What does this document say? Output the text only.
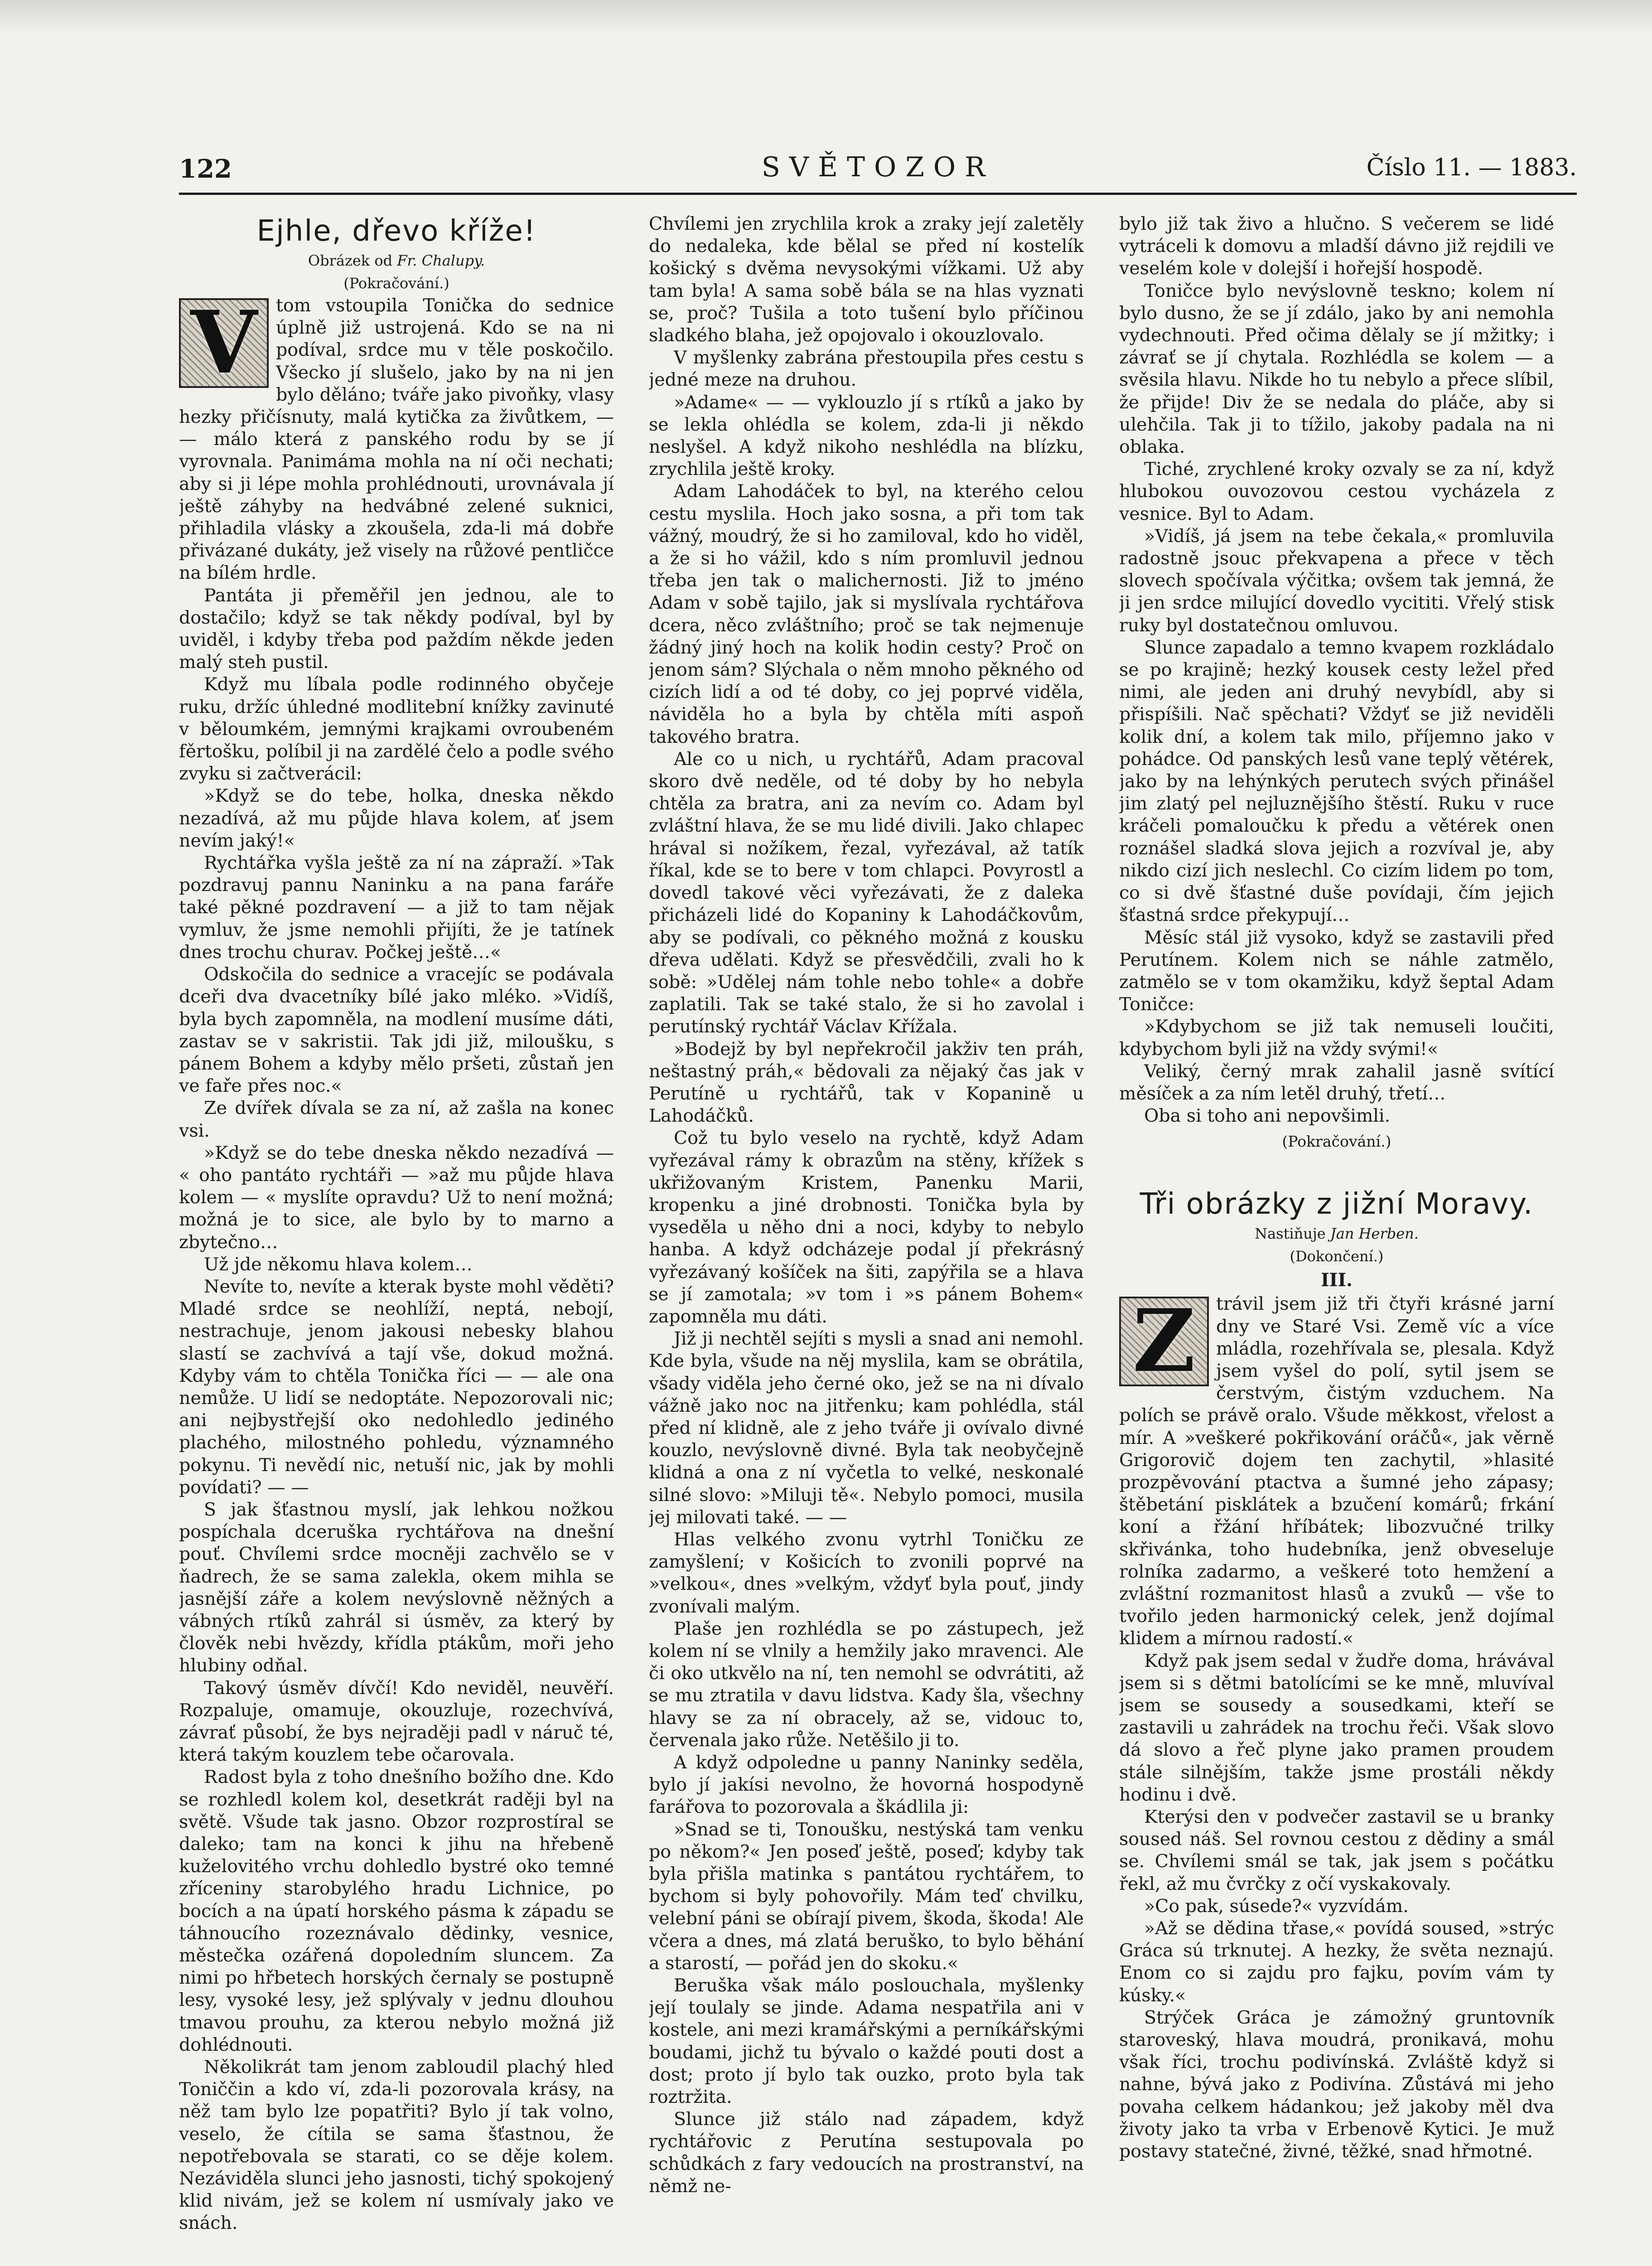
122	SVĚTOZOR	Číslo 11. — 1883.
Ejhle, dřevo kříže!
Obrázek od Fr. Chalupy.
(Pokračování.)
V	tom vstoupila Tonička do sednice úplně již ustrojená. Kdo se na ni podíval, srdce mu v těle poskočilo. Všecko jí slušelo, jako by na ni jen bylo děláno; tváře jako pivoňky, vlasy hezky přičísnuty, malá kytička za živůtkem, — — málo která z panského rodu by se jí vyrovnala. Panimáma mohla na ní oči nechati; aby si ji lépe mohla prohlédnouti, urovnávala jí ještě záhyby na hedvábné zelené suknici, přihladila vlásky a zkoušela, zda-li má dobře přivázané dukáty, jež visely na růžové pentličce na bílém hrdle.

Pantáta ji přeměřil jen jednou, ale to dostačilo; když se tak někdy podíval, byl by uviděl, i kdyby třeba pod paždím někde jeden malý steh pustil.

Když mu líbala podle rodinného obyčeje ruku, držíc úhledné modlitební knížky zavinuté v běloumkém, jemnými krajkami ovroubeném fěrtošku, políbil ji na zardělé čelo a podle svého zvyku si začtverácil:

»Když se do tebe, holka, dneska někdo nezadívá, až mu půjde hlava kolem, ať jsem nevím jaký!«

Rychtářka vyšla ještě za ní na zápraží. »Tak pozdravuj pannu Naninku a na pana faráře také pěkné pozdravení — a již to tam nějak vymluv, že jsme nemohli přijíti, že je tatínek dnes trochu churav. Počkej ještě…«

Odskočila do sednice a vracejíc se podávala dceři dva dvacetníky bílé jako mléko. »Vidíš, byla bych zapomněla, na modlení musíme dáti, zastav se v sakristii. Tak jdi již, miloušku, s pánem Bohem a kdyby mělo pršeti, zůstaň jen ve faře přes noc.«

Ze dvířek dívala se za ní, až zašla na konec vsi.

»Když se do tebe dneska někdo nezadívá — « oho pantáto rychtáři — »až mu půjde hlava kolem — « myslíte opravdu? Už to není možná; možná je to sice, ale bylo by to marno a zbytečno…

Už jde někomu hlava kolem…

Nevíte to, nevíte a kterak byste mohl věděti? Mladé srdce se neohlíží, neptá, nebojí, nestrachuje, jenom jakousi nebesky blahou slastí se zachvívá a tají vše, dokud možná. Kdyby vám to chtěla Tonička říci — — ale ona nemůže. U lidí se nedoptáte. Nepozorovali nic; ani nejbystřejší oko nedohledlo jediného plachého, milostného pohledu, významného pokynu. Ti nevědí nic, netuší nic, jak by mohli povídati? — —

S jak šťastnou myslí, jak lehkou nožkou pospíchala dceruška rychtářova na dnešní pouť. Chvílemi srdce mocněji zachvělo se v ňadrech, že se sama zalekla, okem mihla se jasnější záře a kolem nevýslovně něžných a vábných rtíků zahrál si úsměv, za který by člověk nebi hvězdy, křídla ptákům, moři jeho hlubiny odňal.

Takový úsměv dívčí! Kdo neviděl, neuvěří. Rozpaluje, omamuje, okouzluje, rozechvívá, závrať působí, že bys nejraději padl v náruč té, která takým kouzlem tebe očarovala.

Radost byla z toho dnešního božího dne. Kdo se rozhledl kolem kol, desetkrát raději byl na světě. Všude tak jasno. Obzor rozprostíral se daleko; tam na konci k jihu na hřebeně kuželovitého vrchu dohledlo bystré oko temné zříceniny starobylého hradu Lichnice, po bocích a na úpatí horského pásma k západu se táhnoucího rozeznávalo dědinky, vesnice, městečka ozářená dopoledním sluncem. Za nimi po hřbetech horských černaly se postupně lesy, vysoké lesy, jež splývaly v jednu dlouhou tmavou prouhu, za kterou nebylo možná již dohlédnouti.

Několikrát tam jenom zabloudil plachý hled Toniččin a kdo ví, zda-li pozorovala krásy, na něž tam bylo lze popatřiti? Bylo jí tak volno, veselo, že cítila se sama šťastnou, že nepotřebovala se starati, co se děje kolem. Nezáviděla slunci jeho jasnosti, tichý spokojený klid nivám, jež se kolem ní usmívaly jako ve snách.

Chvílemi jen zrychlila krok a zraky její zaletěly do nedaleka, kde bělal se před ní kostelík košický s dvěma nevysokými vížkami. Už aby tam byla! A sama sobě bála se na hlas vyznati se, proč? Tušila a toto tušení bylo příčinou sladkého blaha, jež opojovalo i okouzlovalo.

V myšlenky zabrána přestoupila přes cestu s jedné meze na druhou.

»Adame« — — vyklouzlo jí s rtíků a jako by se lekla ohlédla se kolem, zda-li ji někdo neslyšel. A když nikoho neshlédla na blízku, zrychlila ještě kroky.

Adam Lahodáček to byl, na kterého celou cestu myslila. Hoch jako sosna, a při tom tak vážný, moudrý, že si ho zamiloval, kdo ho viděl, a že si ho vážil, kdo s ním promluvil jednou třeba jen tak o malichernosti. Již to jméno Adam v sobě tajilo, jak si myslívala rychtářova dcera, něco zvláštního; proč se tak nejmenuje žádný jiný hoch na kolik hodin cesty? Proč on jenom sám? Slýchala o něm mnoho pěkného od cizích lidí a od té doby, co jej poprvé viděla, náviděla ho a byla by chtěla míti aspoň takového bratra.

Ale co u nich, u rychtářů, Adam pracoval skoro dvě neděle, od té doby by ho nebyla chtěla za bratra, ani za nevím co. Adam byl zvláštní hlava, že se mu lidé divili. Jako chlapec hrával si nožíkem, řezal, vyřezával, až tatík říkal, kde se to bere v tom chlapci. Povyrostl a dovedl takové věci vyřezávati, že z daleka přicházeli lidé do Kopaniny k Lahodáčkovům, aby se podívali, co pěkného možná z kousku dřeva udělati. Když se přesvědčili, zvali ho k sobě: »Udělej nám tohle nebo tohle« a dobře zaplatili. Tak se také stalo, že si ho zavolal i perutínský rychtář Václav Křížala.

»Bodejž by byl nepřekročil jakživ ten práh, neštastný práh,« bědovali za nějaký čas jak v Perutíně u rychtářů, tak v Kopanině u Lahodáčků.

Což tu bylo veselo na rychtě, když Adam vyřezával rámy k obrazům na stěny, křížek s ukřižovaným Kristem, Panenku Marii, kropenku a jiné drobnosti. Tonička byla by vyseděla u něho dni a noci, kdyby to nebylo hanba. A když odcházeje podal jí překrásný vyřezávaný košíček na šiti, zapýřila se a hlava se jí zamotala; »v tom i »s pánem Bohem« zapomněla mu dáti.

Již ji nechtěl sejíti s mysli a snad ani nemohl. Kde byla, všude na něj myslila, kam se obrátila, všady viděla jeho černé oko, jež se na ni dívalo vážně jako noc na jitřenku; kam pohlédla, stál před ní klidně, ale z jeho tváře ji ovívalo divné kouzlo, nevýslovně divné. Byla tak neobyčejně klidná a ona z ní vyčetla to velké, neskonalé silné slovo: »Miluji tě«. Nebylo pomoci, musila jej milovati také. — —

Hlas velkého zvonu vytrhl Toničku ze zamyšlení; v Košicích to zvonili poprvé na »velkou«, dnes »velkým, vždyť byla pouť, jindy zvonívali malým.

Plaše jen rozhlédla se po zástupech, jež kolem ní se vlnily a hemžily jako mravenci. Ale či oko utkvělo na ní, ten nemohl se odvrátiti, až se mu ztratila v davu lidstva. Kady šla, všechny hlavy se za ní obracely, až se, vidouc to, červenala jako růže. Netěšilo ji to.

A když odpoledne u panny Naninky seděla, bylo jí jakísi nevolno, že hovorná hospodyně farářova to pozorovala a škádlila ji:

»Snad se ti, Tonoušku, nestýská tam venku po někom?« Jen poseď ještě, poseď; kdyby tak byla přišla matinka s pantátou rychtářem, to bychom si byly pohovořily. Mám teď chvilku, velební páni se obírají pivem, škoda, škoda! Ale včera a dnes, má zlatá beruško, to bylo běhání a starostí, — pořád jen do skoku.«

Beruška však málo poslouchala, myšlenky její toulaly se jinde. Adama nespatřila ani v kostele, ani mezi kramářskými a perníkářskými boudami, jichž tu bývalo o každé pouti dost a dost; proto jí bylo tak ouzko, proto byla tak roztržita.

Slunce již stálo nad západem, když rychtářovic z Perutína sestupovala po schůdkách z fary vedoucích na prostranství, na němž ne-

bylo již tak živo a hlučno. S večerem se lidé vytráceli k domovu a mladší dávno již rejdili ve veselém kole v dolejší i hořejší hospodě.

Toničce bylo nevýslovně teskno; kolem ní bylo dusno, že se jí zdálo, jako by ani nemohla vydechnouti. Před očima dělaly se jí mžitky; i závrať se jí chytala. Rozhlédla se kolem — a svěsila hlavu. Nikde ho tu nebylo a přece slíbil, že přijde! Div že se nedala do pláče, aby si ulehčila. Tak ji to tížilo, jakoby padala na ni oblaka.

Tiché, zrychlené kroky ozvaly se za ní, když hlubokou ouvozovou cestou vycházela z vesnice. Byl to Adam.

»Vidíš, já jsem na tebe čekala,« promluvila radostně jsouc překvapena a přece v těch slovech spočívala výčitka; ovšem tak jemná, že ji jen srdce milující dovedlo vycititi. Vřelý stisk ruky byl dostatečnou omluvou.

Slunce zapadalo a temno kvapem rozkládalo se po krajině; hezký kousek cesty ležel před nimi, ale jeden ani druhý nevybídl, aby si přispíšili. Nač spěchati? Vždyť se již neviděli kolik dní, a kolem tak milo, příjemno jako v pohádce. Od panských lesů vane teplý větérek, jako by na lehýnkých perutech svých přinášel jim zlatý pel nejluznějšího štěstí. Ruku v ruce kráčeli pomaloučku k předu a větérek onen roznášel sladká slova jejich a rozvíval je, aby nikdo cizí jich neslechl. Co cizím lidem po tom, co si dvě šťastné duše povídaji, čím jejich šťastná srdce překypují…

Měsíc stál již vysoko, když se zastavili před Perutínem. Kolem nich se náhle zatmělo, zatmělo se v tom okamžiku, když šeptal Adam Toničce:

»Kdybychom se již tak nemuseli loučiti, kdybychom byli již na vždy svými!«

Veliký, černý mrak zahalil jasně svítící měsíček a za ním letěl druhý, třetí…

Oba si toho ani nepovšimli.

(Pokračování.)
Tři obrázky z jižní Moravy.
Nastiňuje Jan Herben.
(Dokončení.)
III.
Z	trávil jsem již tři čtyři krásné jarní dny ve Staré Vsi. Země víc a více mládla, rozehřívala se, plesala. Když jsem vyšel do polí, sytil jsem se čerstvým, čistým vzduchem. Na polích se právě oralo. Všude měkkost, vřelost a mír. A »veškeré pokřikování oráčů«, jak věrně Grigorovič dojem ten zachytil, »hlasité prozpěvování ptactva a šumné jeho zápasy; štěbetání pisklátek a bzučení komárů; frkání koní a řžání hříbátek; libozvučné trilky skřivánka, toho hudebníka, jenž obveseluje rolníka zadarmo, a veškeré toto hemžení a zvláštní rozmanitost hlasů a zvuků — vše to tvořilo jeden harmonický celek, jenž dojímal klidem a mírnou radostí.«

Když pak jsem sedal v žudře doma, hrávával jsem si s dětmi batolícími se ke mně, mluvíval jsem se sousedy a sousedkami, kteří se zastavili u zahrádek na trochu řeči. Však slovo dá slovo a řeč plyne jako pramen proudem stále silnějším, takže jsme prostáli někdy hodinu i dvě.

Kterýsi den v podvečer zastavil se u branky soused náš. Sel rovnou cestou z dědiny a smál se. Chvílemi smál se tak, jak jsem s počátku řekl, až mu čvrčky z očí vyskakovaly.

»Co pak, súsede?« vyzvídám.

»Až se dědina třase,« povídá soused, »strýc Gráca sú trknutej. A hezky, že světa neznajú. Enom co si zajdu pro fajku, povím vám ty kúsky.«

Strýček Gráca je zámožný gruntovník staroveský, hlava moudrá, pronikavá, mohu však říci, trochu podivínská. Zvláště když si nahne, bývá jako z Podivína. Zůstává mi jeho povaha celkem hádankou; jež jakoby měl dva životy jako ta vrba v Erbenově Kytici. Je muž postavy statečné, živné, těžké, snad hřmotné.
